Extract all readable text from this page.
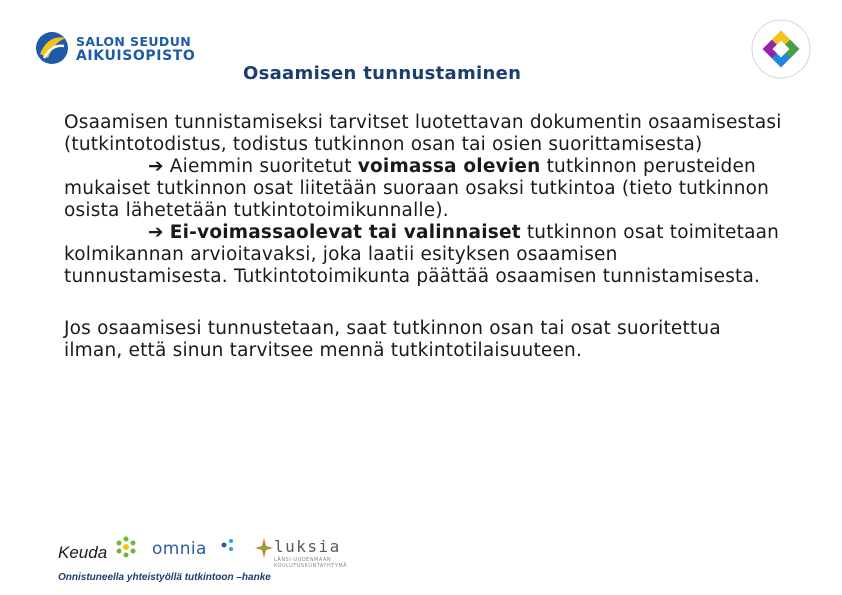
SALON SEUDUN
AIKUISOPISTO
Osaamisen tunnustaminen

Osaamisen tunnistamiseksi tarvitset luotettavan dokumentin osaamisestasi (tutkintotodistus, todistus tutkinnon osan tai osien suorittamisesta)

➔ Aiemmin suoritetut voimassa olevien tutkinnon perusteiden mukaiset tutkinnon osat liitetään suoraan osaksi tutkintoa (tieto tutkinnon osista lähetetään tutkintotoimikunnalle).

➔ Ei-voimassaolevat tai valinnaiset tutkinnon osat toimitetaan kolmikannan arvioitavaksi, joka laatii esityksen osaamisen tunnustamisesta. Tutkintotoimikunta päättää osaamisen tunnistamisesta.

Jos osaamisesi tunnustetaan, saat tutkinnon osan tai osat suoritettua ilman, että sinun tarvitsee mennä tutkintotilaisuuteen.

Keuda	omnia	luksia
LÄNSI-UUDENMAAN KOULUTUSKUNTAYHTYMÄ
Onnistuneella yhteistyöllä tutkintoon –hanke
